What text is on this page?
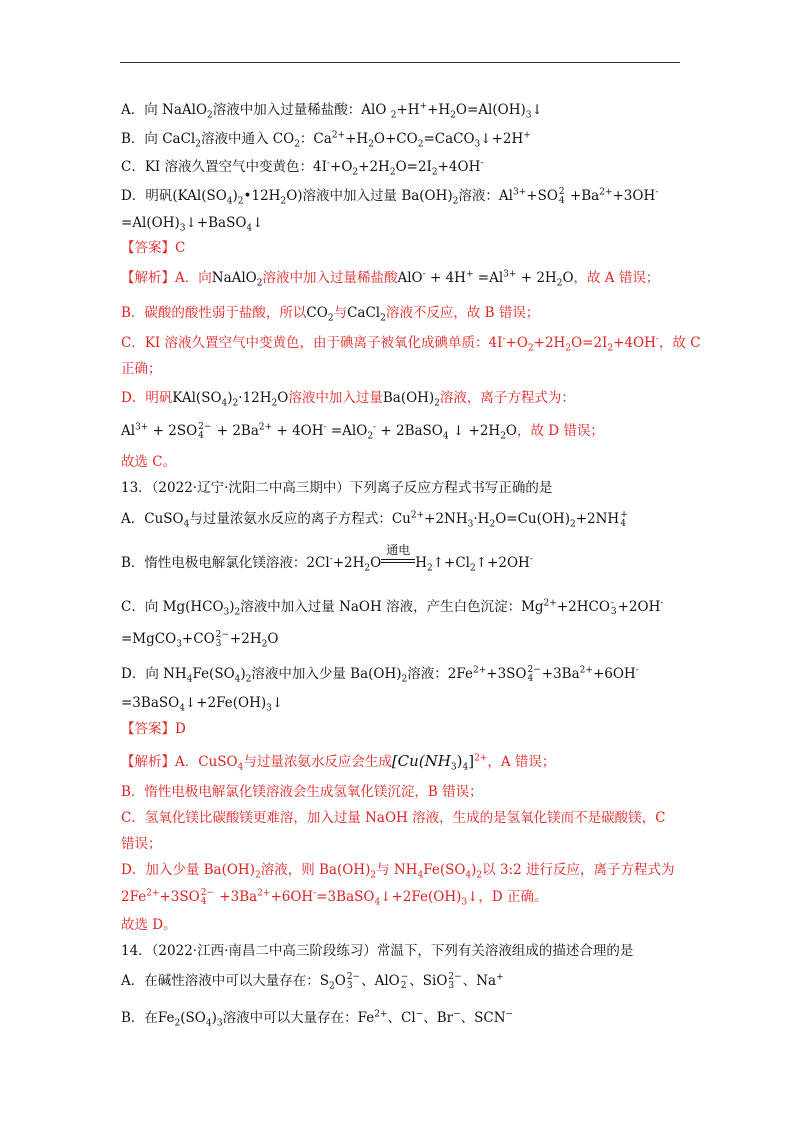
A．向 NaAlO$_2$溶液中加入过量稀盐酸：AlO $_2+H^++H_2O=Al(OH)_3↓$
B．向 CaCl$_2$溶液中通入 $CO_2$：$Ca^{2+}+H_2O+CO_2=CaCO_3↓+2H^+$
C．KI 溶液久置空气中变黄色：$4I^-+O_2+2H_2O=2I_2+4OH^-$
D．明矾$(KAl(SO_4)_2•12H_2O)$溶液中加入过量 $Ba(OH)_2$溶液：$Al^{3+}+SO$ 2
$4 +Ba^{2+}+3OH^-$
$=Al(OH)_3↓+BaSO_4↓$
【答案】C
【解析】A．向NaAlO$_2$溶液中加入过量稀盐酸$AlO^- + 4H^+ =Al^{3+} + 2H_2O$，故 A 错误；
B．碳酸的酸性弱于盐酸，所以$CO_2$与CaCl$_2$溶液不反应，故 B 错误；
C．KI 溶液久置空气中变黄色，由于碘离子被氧化成碘单质：$4I^-+O_2+2H_2O=2I_2+4OH^-$，故 C
正确；
D．明矾$KAl(SO_4)_2\cdot 12H_2O$溶液中加入过量$Ba(OH)_2$溶液，离子方程式为：
$Al^{3+} + 2SO$ 2−
$4 + 2Ba^{2+} + 4OH^- =AlO_2^-$ + 2BaSO$_4$ ↓ $+2H_2O$，故 D 错误；
故选 C。
13．（2022·辽宁·沈阳二中高三期中）下列离子反应方程式书写正确的是
A．CuSO$_4$与过量浓氨水反应的离子方程式：$Cu^{2+}+2NH_3\cdot H_2O=Cu(OH)_2+2NH$ +
4
B．惰性电极电解氯化镁溶液：$2Cl^-+2H_2O$
通电
$H_2↑+Cl_2↑+2OH^-$
C．向 $Mg(HCO_3)_2$溶液中加入过量 NaOH 溶液，产生白色沉淀：$Mg^{2+}+2HCO$ -
3 +2OH-
=MgCO$_3$+CO 2−
$3 +2H_2O$
D．向 $NH_4Fe(SO_4)_2$溶液中加入少量 $Ba(OH)_2$溶液：$2Fe^{2+}+3SO$ 2−
$4 +3Ba^{2+}+6OH^-$
$=3BaSO_4↓+2Fe(OH)_3↓$
【答案】D
【解析】A．CuSO$_4$与过量浓氨水反应会生成$[Cu(NH_3)_4]^{2+}$，A 错误；
B．惰性电极电解氯化镁溶液会生成氢氧化镁沉淀，B 错误；
C．氢氧化镁比碳酸镁更难溶，加入过量 NaOH 溶液，生成的是氢氧化镁而不是碳酸镁，C
错误；
D．加入少量 $Ba(OH)_2$溶液，则 $Ba(OH)_2$与 $NH_4Fe(SO_4)_2$以 3:2 进行反应，离子方程式为
$2Fe^{2+}+3SO$ 2−
$4 +3Ba^{2+}+6OH^-=3BaSO_4↓+2Fe(OH)_3↓$，D 正确。
故选 D。
14．（2022·江西·南昌二中高三阶段练习）常温下，下列有关溶液组成的描述合理的是
A．在碱性溶液中可以大量存在：$S_2O$ 2−
3 、AlO −
2 、SiO 2−
3 、Na+
B．在$Fe_2(SO_4)_3$溶液中可以大量存在：$Fe^{2+}$、Cl−、Br−、SCN−
